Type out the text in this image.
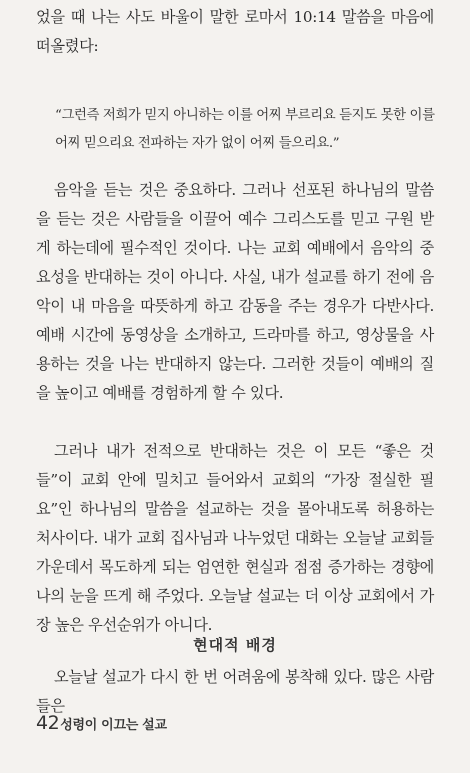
었을 때 나는 사도 바울이 말한 로마서 10:14 말씀을 마음에 떠올렸다:

“그런즉 저희가 믿지 아니하는 이를 어찌 부르리요 듣지도 못한 이를 어찌 믿으리요 전파하는 자가 없이 어찌 들으리요.”

음악을 듣는 것은 중요하다. 그러나 선포된 하나님의 말씀을 듣는 것은 사람들을 이끌어 예수 그리스도를 믿고 구원 받게 하는데에 필수적인 것이다. 나는 교회 예배에서 음악의 중요성을 반대하는 것이 아니다. 사실, 내가 설교를 하기 전에 음악이 내 마음을 따뜻하게 하고 감동을 주는 경우가 다반사다. 예배 시간에 동영상을 소개하고, 드라마를 하고, 영상물을 사용하는 것을 나는 반대하지 않는다. 그러한 것들이 예배의 질을 높이고 예배를 경험하게 할 수 있다.

그러나 내가 전적으로 반대하는 것은 이 모든 “좋은 것들”이 교회 안에 밀치고 들어와서 교회의 “가장 절실한 필요”인 하나님의 말씀을 설교하는 것을 몰아내도록 허용하는 처사이다. 내가 교회 집사님과 나누었던 대화는 오늘날 교회들 가운데서 목도하게 되는 엄연한 현실과 점점 증가하는 경향에 나의 눈을 뜨게 해 주었다. 오늘날 설교는 더 이상 교회에서 가장 높은 우선순위가 아니다.

현대적 배경

오늘날 설교가 다시 한 번 어려움에 봉착해 있다. 많은 사람들은

42성령이 이끄는 설교
